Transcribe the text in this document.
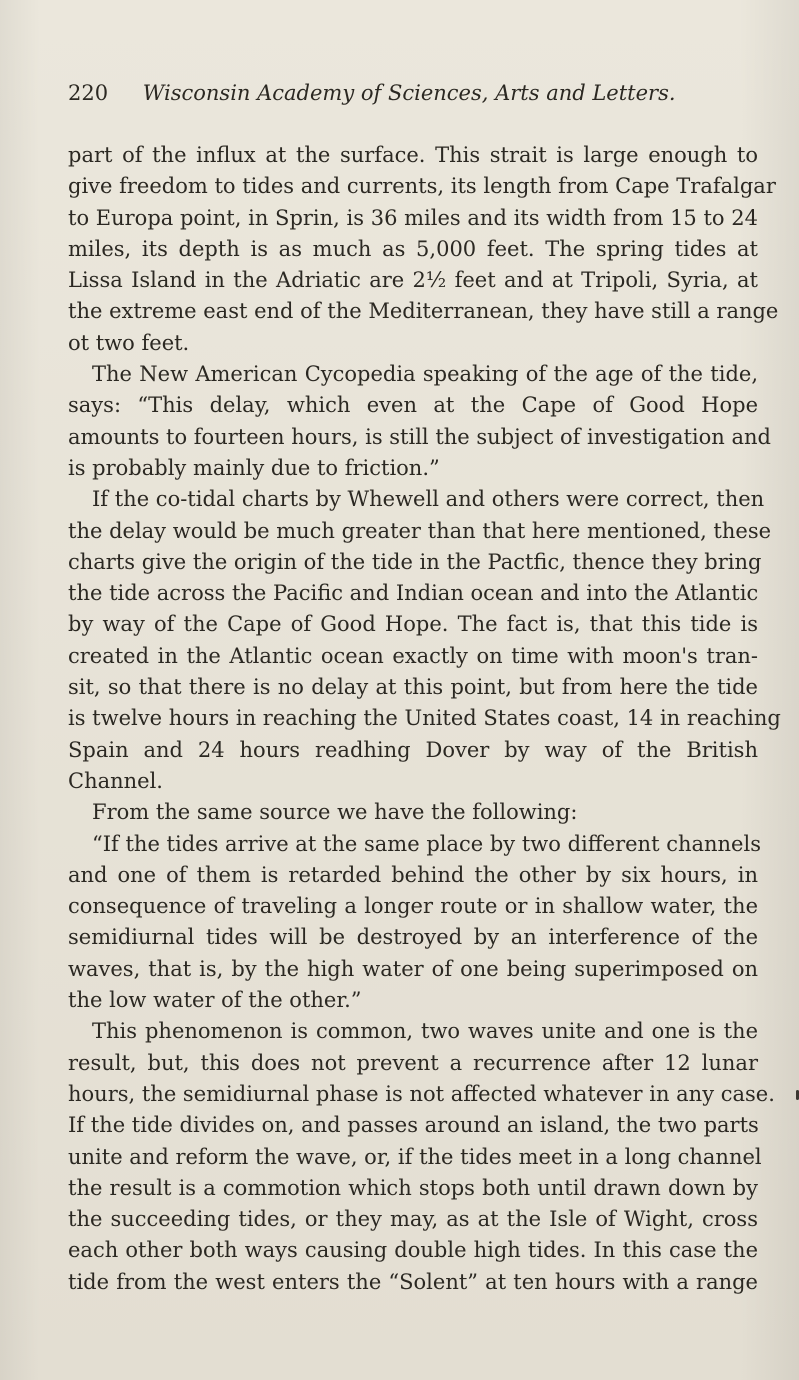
220 Wisconsin Academy of Sciences, Arts and Letters.
part of the influx at the surface. This strait is large enough to
give freedom to tides and currents, its length from Cape Trafalgar
to Europa point, in Sprin, is 36 miles and its width from 15 to 24
miles, its depth is as much as 5,000 feet. The spring tides at
Lissa Island in the Adriatic are 2½ feet and at Tripoli, Syria, at
the extreme east end of the Mediterranean, they have still a range
ot two feet.
The New American Cycopedia speaking of the age of the tide,
says: “This delay, which even at the Cape of Good Hope
amounts to fourteen hours, is still the subject of investigation and
is probably mainly due to friction.”
If the co-tidal charts by Whewell and others were correct, then
the delay would be much greater than that here mentioned, these
charts give the origin of the tide in the Pactfic, thence they bring
the tide across the Pacific and Indian ocean and into the Atlantic
by way of the Cape of Good Hope. The fact is, that this tide is
created in the Atlantic ocean exactly on time with moon's tran-
sit, so that there is no delay at this point, but from here the tide
is twelve hours in reaching the United States coast, 14 in reaching
Spain and 24 hours readhing Dover by way of the British
Channel.
From the same source we have the following:
“If the tides arrive at the same place by two different channels
and one of them is retarded behind the other by six hours, in
consequence of traveling a longer route or in shallow water, the
semidiurnal tides will be destroyed by an interference of the
waves, that is, by the high water of one being superimposed on
the low water of the other.”
This phenomenon is common, two waves unite and one is the
result, but, this does not prevent a recurrence after 12 lunar
hours, the semidiurnal phase is not affected whatever in any case.
If the tide divides on, and passes around an island, the two parts
unite and reform the wave, or, if the tides meet in a long channel
the result is a commotion which stops both until drawn down by
the succeeding tides, or they may, as at the Isle of Wight, cross
each other both ways causing double high tides. In this case the
tide from the west enters the “Solent” at ten hours with a range
